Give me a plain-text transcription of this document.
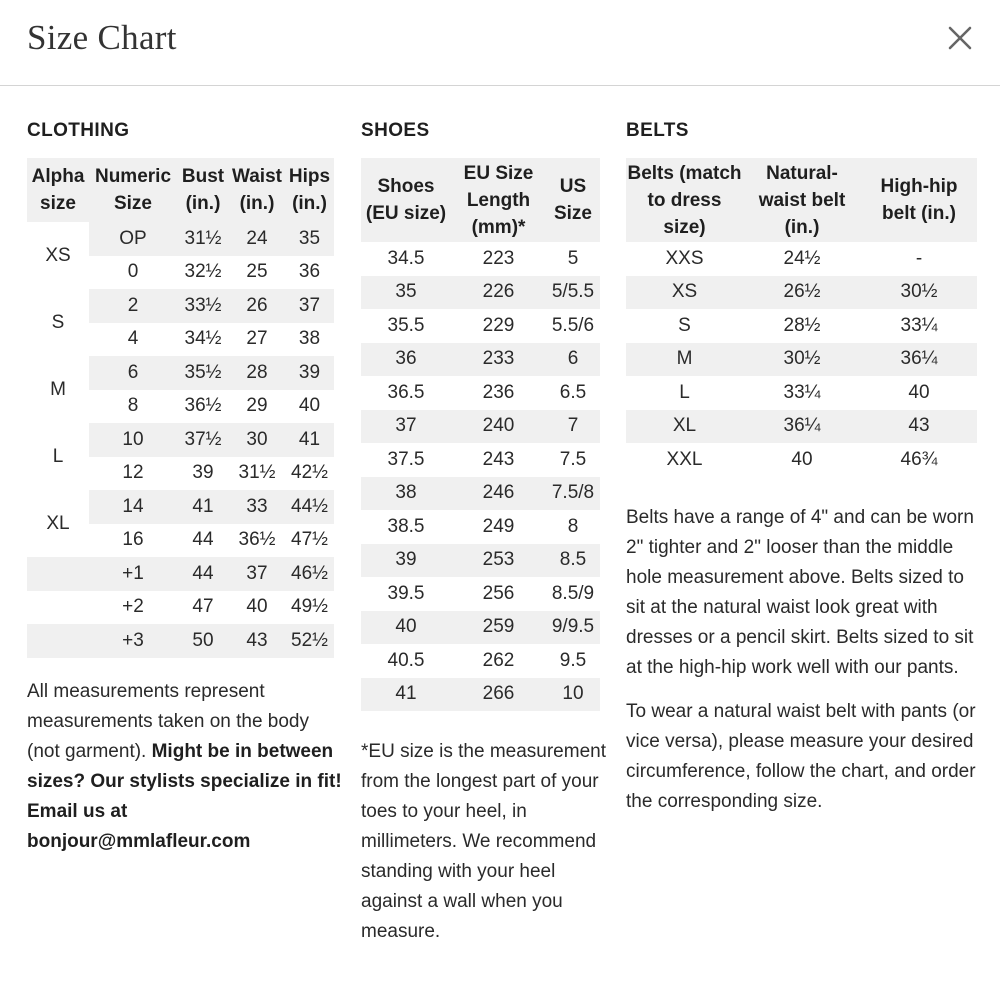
Size Chart
CLOTHING
Alpha size	Numeric Size	Bust (in.)	Waist (in.)	Hips (in.)
XS	OP	31½	24	35
	0	32½	25	36
S	2	33½	26	37
	4	34½	27	38
M	6	35½	28	39
	8	36½	29	40
L	10	37½	30	41
	12	39	31½	42½
XL	14	41	33	44½
	16	44	36½	47½
	+1	44	37	46½
	+2	47	40	49½
	+3	50	43	52½
All measurements represent measurements taken on the body (not garment). Might be in between sizes? Our stylists specialize in fit! Email us at bonjour@mmlafleur.com
SHOES
Shoes (EU size)	EU Size Length (mm)*	US Size
34.5	223	5
35	226	5/5.5
35.5	229	5.5/6
36	233	6
36.5	236	6.5
37	240	7
37.5	243	7.5
38	246	7.5/8
38.5	249	8
39	253	8.5
39.5	256	8.5/9
40	259	9/9.5
40.5	262	9.5
41	266	10
*EU size is the measurement from the longest part of your toes to your heel, in millimeters. We recommend standing with your heel against a wall when you measure.
BELTS
Belts (match to dress size)	Natural-waist belt (in.)	High-hip belt (in.)
XXS	24½	-
XS	26½	30½
S	28½	33¼
M	30½	36¼
L	33¼	40
XL	36¼	43
XXL	40	46¾

Belts have a range of 4" and can be worn 2" tighter and 2" looser than the middle hole measurement above. Belts sized to sit at the natural waist look great with dresses or a pencil skirt. Belts sized to sit at the high-hip work well with our pants.

To wear a natural waist belt with pants (or vice versa), please measure your desired circumference, follow the chart, and order the corresponding size.
